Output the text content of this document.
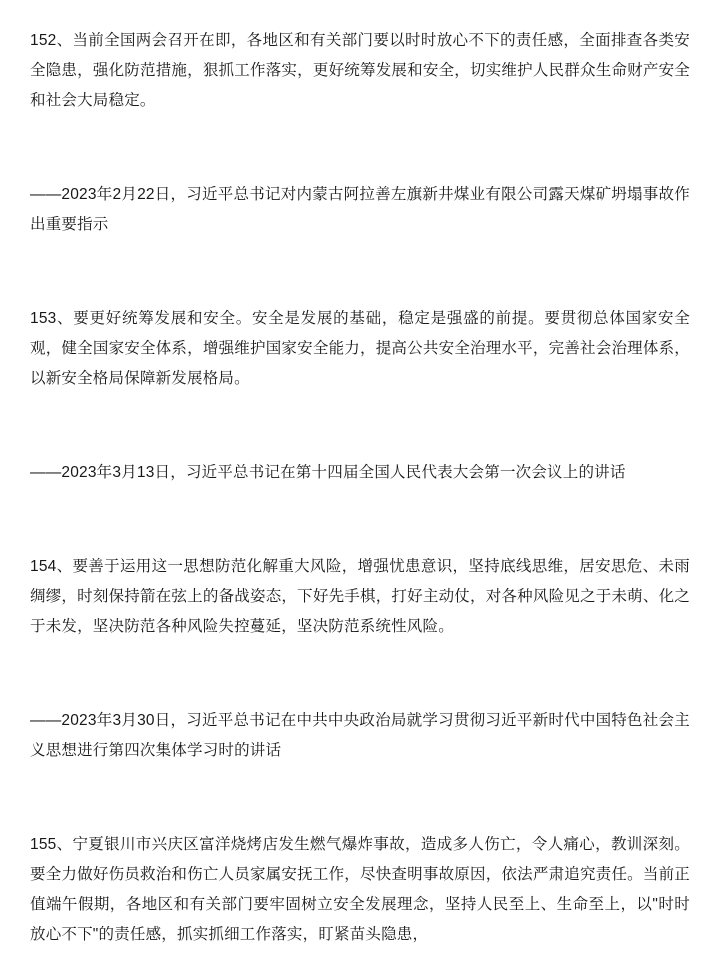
152、当前全国两会召开在即，各地区和有关部门要以时时放心不下的责任感，全面排查各类安全隐患，强化防范措施，狠抓工作落实，更好统筹发展和安全，切实维护人民群众生命财产安全和社会大局稳定。

——2023年2月22日，习近平总书记对内蒙古阿拉善左旗新井煤业有限公司露天煤矿坍塌事故作出重要指示

153、要更好统筹发展和安全。安全是发展的基础，稳定是强盛的前提。要贯彻总体国家安全观，健全国家安全体系，增强维护国家安全能力，提高公共安全治理水平，完善社会治理体系，以新安全格局保障新发展格局。

——2023年3月13日，习近平总书记在第十四届全国人民代表大会第一次会议上的讲话

154、要善于运用这一思想防范化解重大风险，增强忧患意识，坚持底线思维，居安思危、未雨绸缪，时刻保持箭在弦上的备战姿态，下好先手棋，打好主动仗，对各种风险见之于未萌、化之于未发，坚决防范各种风险失控蔓延，坚决防范系统性风险。

——2023年3月30日，习近平总书记在中共中央政治局就学习贯彻习近平新时代中国特色社会主义思想进行第四次集体学习时的讲话

155、宁夏银川市兴庆区富洋烧烤店发生燃气爆炸事故，造成多人伤亡，令人痛心，教训深刻。要全力做好伤员救治和伤亡人员家属安抚工作，尽快查明事故原因，依法严肃追究责任。当前正值端午假期，各地区和有关部门要牢固树立安全发展理念，坚持人民至上、生命至上，以"时时放心不下"的责任感，抓实抓细工作落实，盯紧苗头隐患，
